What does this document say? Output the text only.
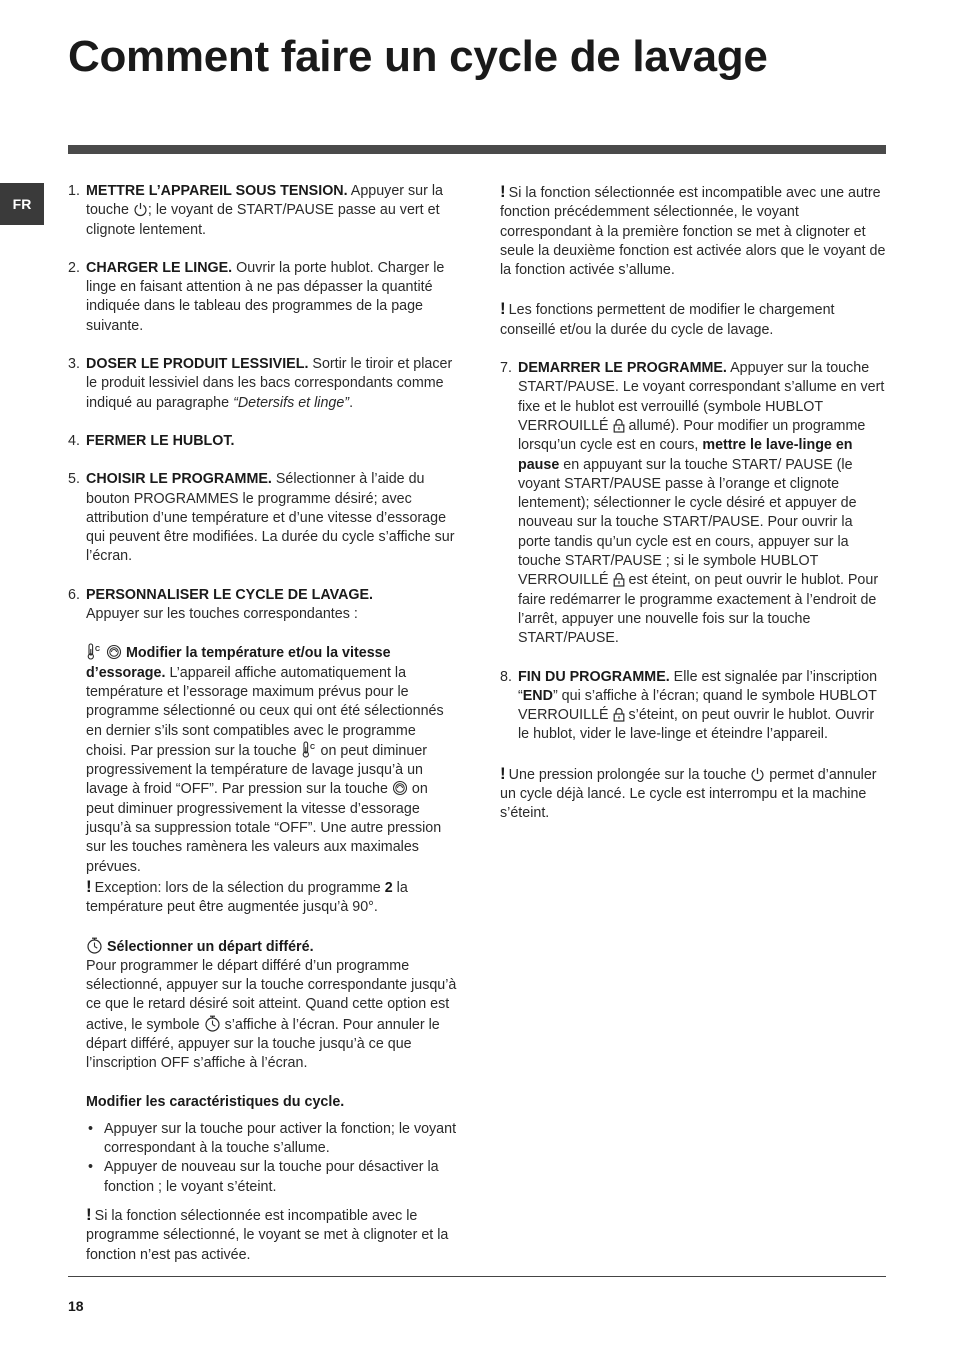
Comment faire un cycle de lavage
FR
1. METTRE L’APPAREIL SOUS TENSION. Appuyer sur la touche ; le voyant de START/PAUSE passe au vert et clignote lentement.
2. CHARGER LE LINGE. Ouvrir la porte hublot. Charger le linge en faisant attention à ne pas dépasser la quantité indiquée dans le tableau des programmes de la page suivante.
3. DOSER LE PRODUIT LESSIVIEL. Sortir le tiroir et placer le produit lessiviel dans les bacs correspondants comme indiqué au paragraphe “Detersifs et linge”.
4. FERMER LE HUBLOT.
5. CHOISIR LE PROGRAMME. Sélectionner à l’aide du bouton PROGRAMMES le programme désiré; avec attribution d’une température et d’une vitesse d’essorage qui peuvent être modifiées. La durée du cycle s’affiche sur l’écran.
6. PERSONNALISER LE CYCLE DE LAVAGE.
Appuyer sur les touches correspondantes :
C Modifier la température et/ou la vitesse d’essorage. L’appareil affiche automatiquement la température et l’essorage maximum prévus pour le programme sélectionné ou ceux qui ont été sélectionnés en dernier s’ils sont compatibles avec le programme choisi. Par pression sur la touche C on peut diminuer progressivement la température de lavage jusqu’à un lavage à froid “OFF”. Par pression sur la touche  on peut diminuer progressivement la vitesse d’essorage jusqu’à sa suppression totale “OFF”. Une autre pression sur les touches ramènera les valeurs aux maximales prévues.
! Exception: lors de la sélection du programme 2 la température peut être augmentée jusqu’à 90°.
Sélectionner un départ différé.
Pour programmer le départ différé d’un programme sélectionné, appuyer sur la touche correspondante jusqu’à ce que le retard désiré soit atteint. Quand cette option est active, le symbole  s’affiche à l’écran. Pour annuler le départ différé, appuyer sur la touche jusqu’à ce que l’inscription OFF s’affiche à l’écran.
Modifier les caractéristiques du cycle.
• Appuyer sur la touche pour activer la fonction; le voyant correspondant à la touche s’allume.
• Appuyer de nouveau sur la touche pour désactiver la fonction ; le voyant s’éteint.
! Si la fonction sélectionnée est incompatible avec le programme sélectionné, le voyant se met à clignoter et la fonction n’est pas activée.
! Si la fonction sélectionnée est incompatible avec une autre fonction précédemment sélectionnée, le voyant correspondant à la première fonction se met à clignoter et seule la deuxième fonction est activée alors que le voyant de la fonction activée s’allume.
! Les fonctions permettent de modifier le chargement conseillé et/ou la durée du cycle de lavage.
7. DEMARRER LE PROGRAMME. Appuyer sur la touche START/PAUSE. Le voyant correspondant s’allume en vert fixe et le hublot est verrouillé (symbole HUBLOT VERROUILLÉ  allumé). Pour modifier un programme lorsqu’un cycle est en cours, mettre le lave-linge en pause en appuyant sur la touche START/ PAUSE (le voyant START/PAUSE passe à l’orange et clignote lentement); sélectionner le cycle désiré et appuyer de nouveau sur la touche START/PAUSE. Pour ouvrir la porte tandis qu’un cycle est en cours, appuyer sur la touche START/PAUSE ; si le symbole HUBLOT VERROUILLÉ  est éteint, on peut ouvrir le hublot. Pour faire redémarrer le programme exactement à l’endroit de l’arrêt, appuyer une nouvelle fois sur la touche START/PAUSE.
8. FIN DU PROGRAMME. Elle est signalée par l’inscription “END” qui s’affiche à l’écran; quand le symbole HUBLOT VERROUILLÉ  s’éteint, on peut ouvrir le hublot. Ouvrir le hublot, vider le lave-linge et éteindre l’appareil.
! Une pression prolongée sur la touche  permet d’annuler un cycle déjà lancé. Le cycle est interrompu et la machine s’éteint.
18
